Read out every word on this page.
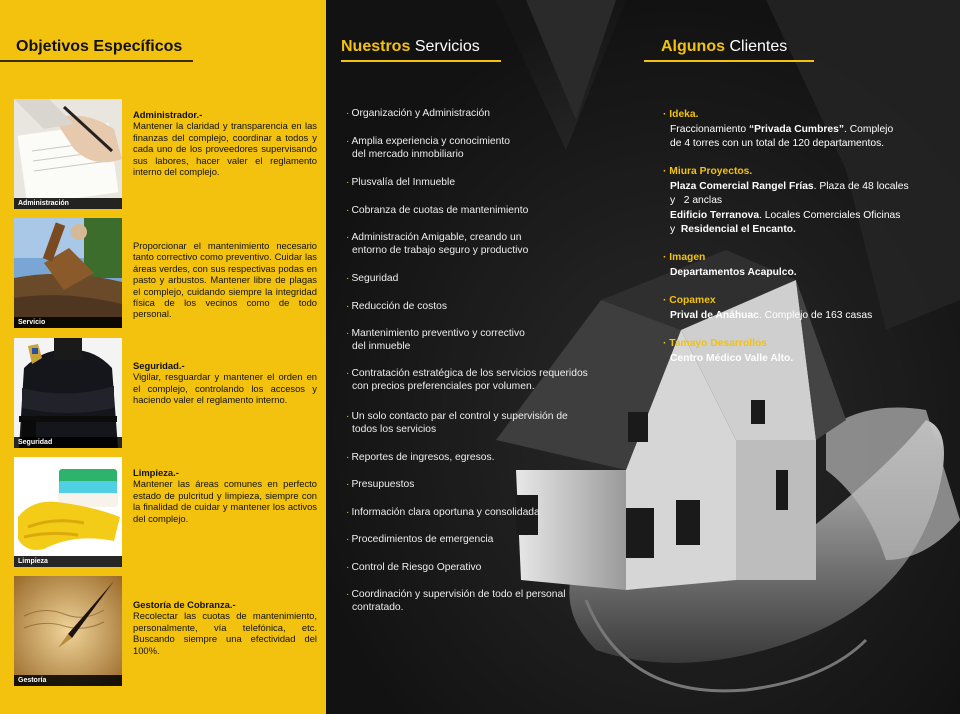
Objetivos Específicos
Administración
Administrador.-
Mantener la claridad y transparencia en las finanzas del complejo, coordinar a todos y cada uno de los proveedores supervisando sus labores, hacer valer el reglamento interno del complejo.
Servicio
Proporcionar el mantenimiento necesario tanto correctivo como preventivo. Cuidar las áreas verdes, con sus respectivas podas en pasto y arbustos. Mantener libre de plagas el complejo, cuidando siempre la integridad física de los vecinos como de todo personal.
Seguridad
Seguridad.-
Vigilar, resguardar y mantener el orden en el complejo, controlando los accesos y haciendo valer el reglamento interno.
Limpieza
Limpieza.-
Mantener las áreas comunes en perfecto estado de pulcritud y limpieza, siempre con la finalidad de cuidar y mantener los activos del complejo.
Gestoría
Gestoría de Cobranza.-
Recolectar las cuotas de mantenimiento, personalmente, vía telefónica, etc. Buscando siempre una efectividad del 100%.
Nuestros Servicios
· Organización y Administración
· Amplia experiencia y conocimiento
del mercado inmobiliario
· Plusvalía del Inmueble
· Cobranza de cuotas de mantenimiento
· Administración Amigable, creando un
entorno de trabajo seguro y productivo
· Seguridad
· Reducción de costos
· Mantenimiento preventivo y correctivo
del inmueble
· Contratación estratégica de los servicios requeridos
con precios preferenciales por volumen.
· Un solo contacto par el control y supervisión de
todos los servicios
· Reportes de ingresos, egresos.
· Presupuestos
· Información clara oportuna y consolidada
· Procedimientos de emergencia
· Control de Riesgo Operativo
· Coordinación y supervisión de todo el personal
contratado.
Algunos Clientes
· Ideka.
Fraccionamiento “Privada Cumbres”. Complejo
de 4 torres con un total de 120 departamentos.
· Miura Proyectos.
Plaza Comercial Rangel Frías. Plaza de 48 locales
y   2 anclas
Edificio Terranova. Locales Comerciales Oficinas
y  Residencial el Encanto.
· Imagen
Departamentos Acapulco.
· Copamex
Prival de Anáhuac. Complejo de 163 casas
· Tamayo Desarrollos
Centro Médico Valle Alto.
